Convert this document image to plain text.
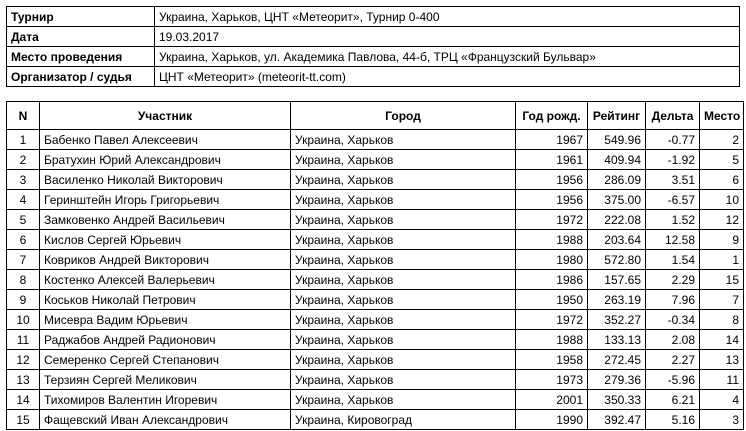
Турнир	Украина, Харьков, ЦНТ «Метеорит», Турнир 0-400
Дата	19.03.2017
Место проведения	Украина, Харьков, ул. Академика Павлова, 44-б, ТРЦ «Французский Бульвар»
Организатор / судья	ЦНТ «Метеорит» (meteorit-tt.com)
N	Участник	Город	Год рожд.	Рейтинг	Дельта	Место
1	Бабенко Павел Алексеевич	Украина, Харьков	1967	549.96	-0.77	2
2	Братухин Юрий Александрович	Украина, Харьков	1961	409.94	-1.92	5
3	Василенко Николай Викторович	Украина, Харьков	1956	286.09	3.51	6
4	Геринштейн Игорь Григорьевич	Украина, Харьков	1956	375.00	-6.57	10
5	Замковенко Андрей Васильевич	Украина, Харьков	1972	222.08	1.52	12
6	Кислов Сергей Юрьевич	Украина, Харьков	1988	203.64	12.58	9
7	Ковриков Андрей Викторович	Украина, Харьков	1980	572.80	1.54	1
8	Костенко Алексей Валерьевич	Украина, Харьков	1986	157.65	2.29	15
9	Коськов Николай Петрович	Украина, Харьков	1950	263.19	7.96	7
10	Мисевра Вадим Юрьевич	Украина, Харьков	1972	352.27	-0.34	8
11	Раджабов Андрей Радионович	Украина, Харьков	1988	133.13	2.08	14
12	Семеренко Сергей Степанович	Украина, Харьков	1958	272.45	2.27	13
13	Терзиян Сергей Меликович	Украина, Харьков	1973	279.36	-5.96	11
14	Тихомиров Валентин Игоревич	Украина, Харьков	2001	350.33	6.21	4
15	Фащевский Иван Александрович	Украина, Кировоград	1990	392.47	5.16	3
